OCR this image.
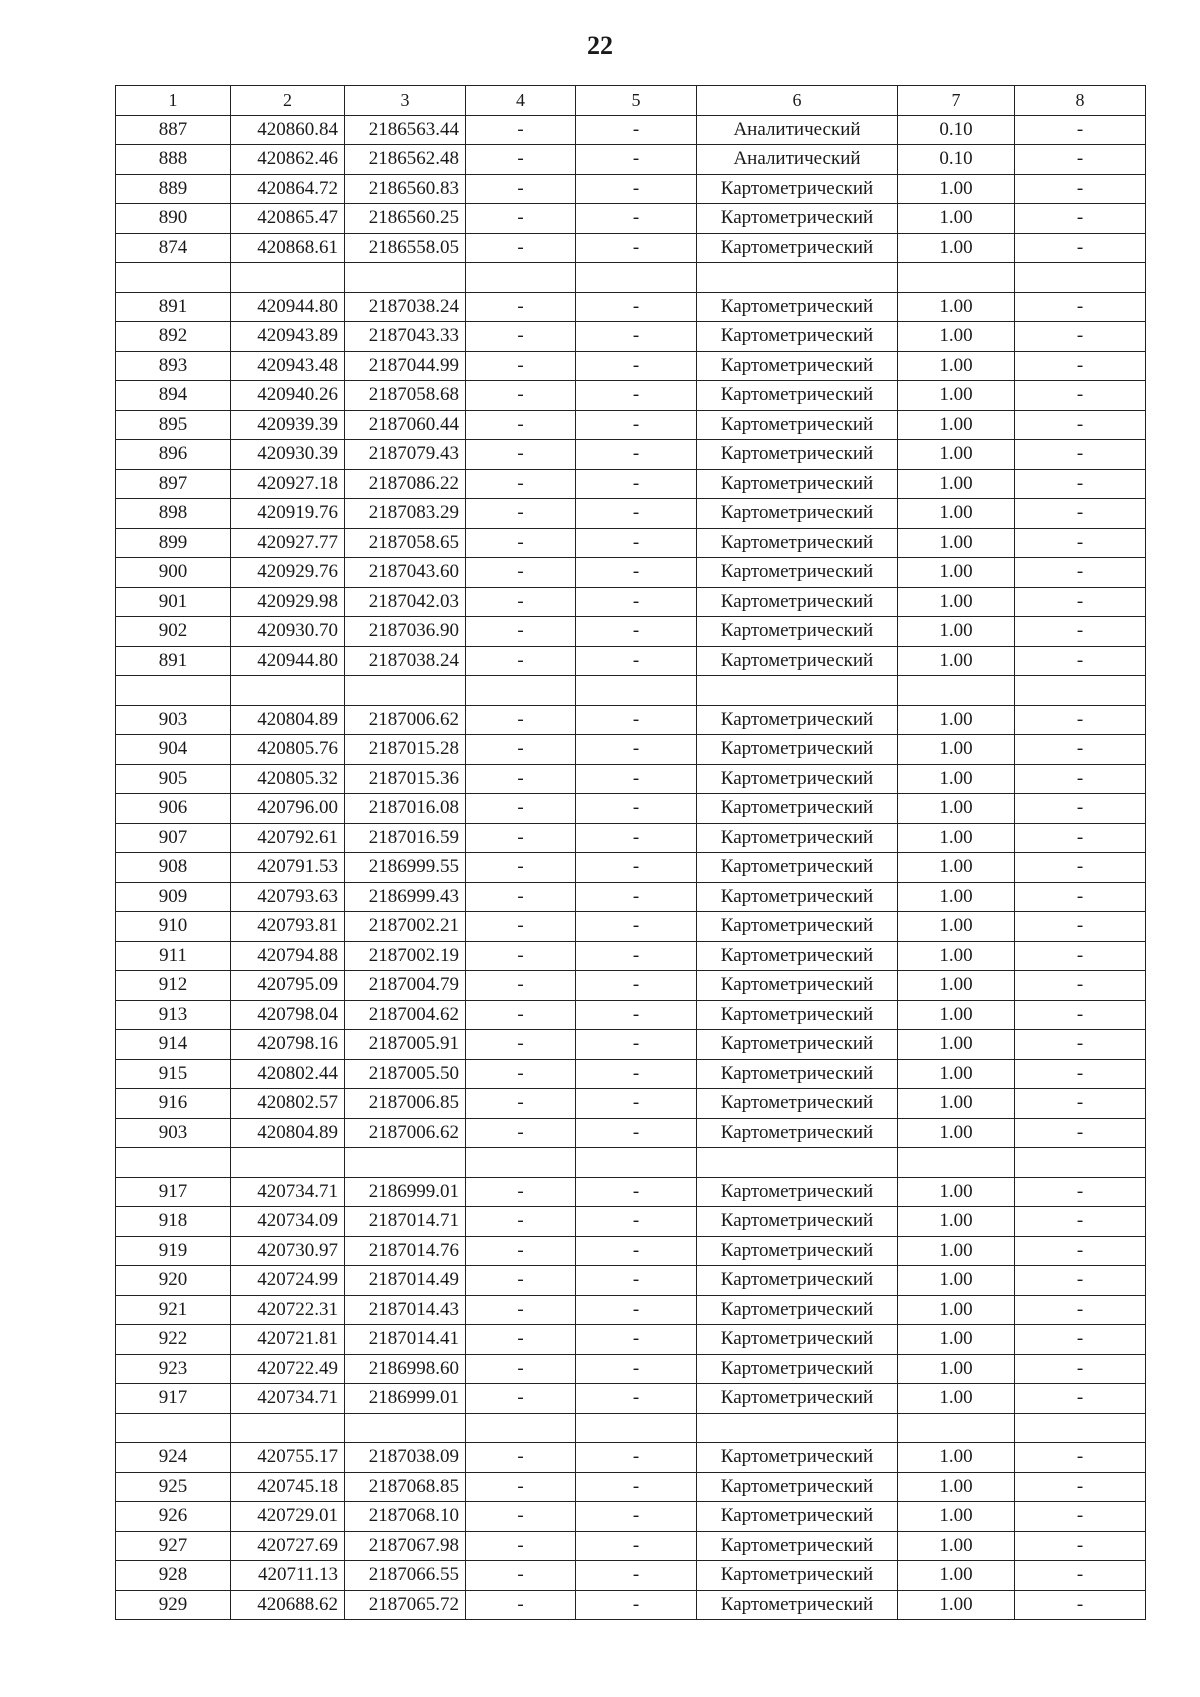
22
1	2	3	4	5	6	7	8
887	420860.84	2186563.44	-	-	Аналитический	0.10	-
888	420862.46	2186562.48	-	-	Аналитический	0.10	-
889	420864.72	2186560.83	-	-	Картометрический	1.00	-
890	420865.47	2186560.25	-	-	Картометрический	1.00	-
874	420868.61	2186558.05	-	-	Картометрический	1.00	-

891	420944.80	2187038.24	-	-	Картометрический	1.00	-
892	420943.89	2187043.33	-	-	Картометрический	1.00	-
893	420943.48	2187044.99	-	-	Картометрический	1.00	-
894	420940.26	2187058.68	-	-	Картометрический	1.00	-
895	420939.39	2187060.44	-	-	Картометрический	1.00	-
896	420930.39	2187079.43	-	-	Картометрический	1.00	-
897	420927.18	2187086.22	-	-	Картометрический	1.00	-
898	420919.76	2187083.29	-	-	Картометрический	1.00	-
899	420927.77	2187058.65	-	-	Картометрический	1.00	-
900	420929.76	2187043.60	-	-	Картометрический	1.00	-
901	420929.98	2187042.03	-	-	Картометрический	1.00	-
902	420930.70	2187036.90	-	-	Картометрический	1.00	-
891	420944.80	2187038.24	-	-	Картометрический	1.00	-

903	420804.89	2187006.62	-	-	Картометрический	1.00	-
904	420805.76	2187015.28	-	-	Картометрический	1.00	-
905	420805.32	2187015.36	-	-	Картометрический	1.00	-
906	420796.00	2187016.08	-	-	Картометрический	1.00	-
907	420792.61	2187016.59	-	-	Картометрический	1.00	-
908	420791.53	2186999.55	-	-	Картометрический	1.00	-
909	420793.63	2186999.43	-	-	Картометрический	1.00	-
910	420793.81	2187002.21	-	-	Картометрический	1.00	-
911	420794.88	2187002.19	-	-	Картометрический	1.00	-
912	420795.09	2187004.79	-	-	Картометрический	1.00	-
913	420798.04	2187004.62	-	-	Картометрический	1.00	-
914	420798.16	2187005.91	-	-	Картометрический	1.00	-
915	420802.44	2187005.50	-	-	Картометрический	1.00	-
916	420802.57	2187006.85	-	-	Картометрический	1.00	-
903	420804.89	2187006.62	-	-	Картометрический	1.00	-

917	420734.71	2186999.01	-	-	Картометрический	1.00	-
918	420734.09	2187014.71	-	-	Картометрический	1.00	-
919	420730.97	2187014.76	-	-	Картометрический	1.00	-
920	420724.99	2187014.49	-	-	Картометрический	1.00	-
921	420722.31	2187014.43	-	-	Картометрический	1.00	-
922	420721.81	2187014.41	-	-	Картометрический	1.00	-
923	420722.49	2186998.60	-	-	Картометрический	1.00	-
917	420734.71	2186999.01	-	-	Картометрический	1.00	-

924	420755.17	2187038.09	-	-	Картометрический	1.00	-
925	420745.18	2187068.85	-	-	Картометрический	1.00	-
926	420729.01	2187068.10	-	-	Картометрический	1.00	-
927	420727.69	2187067.98	-	-	Картометрический	1.00	-
928	420711.13	2187066.55	-	-	Картометрический	1.00	-
929	420688.62	2187065.72	-	-	Картометрический	1.00	-
